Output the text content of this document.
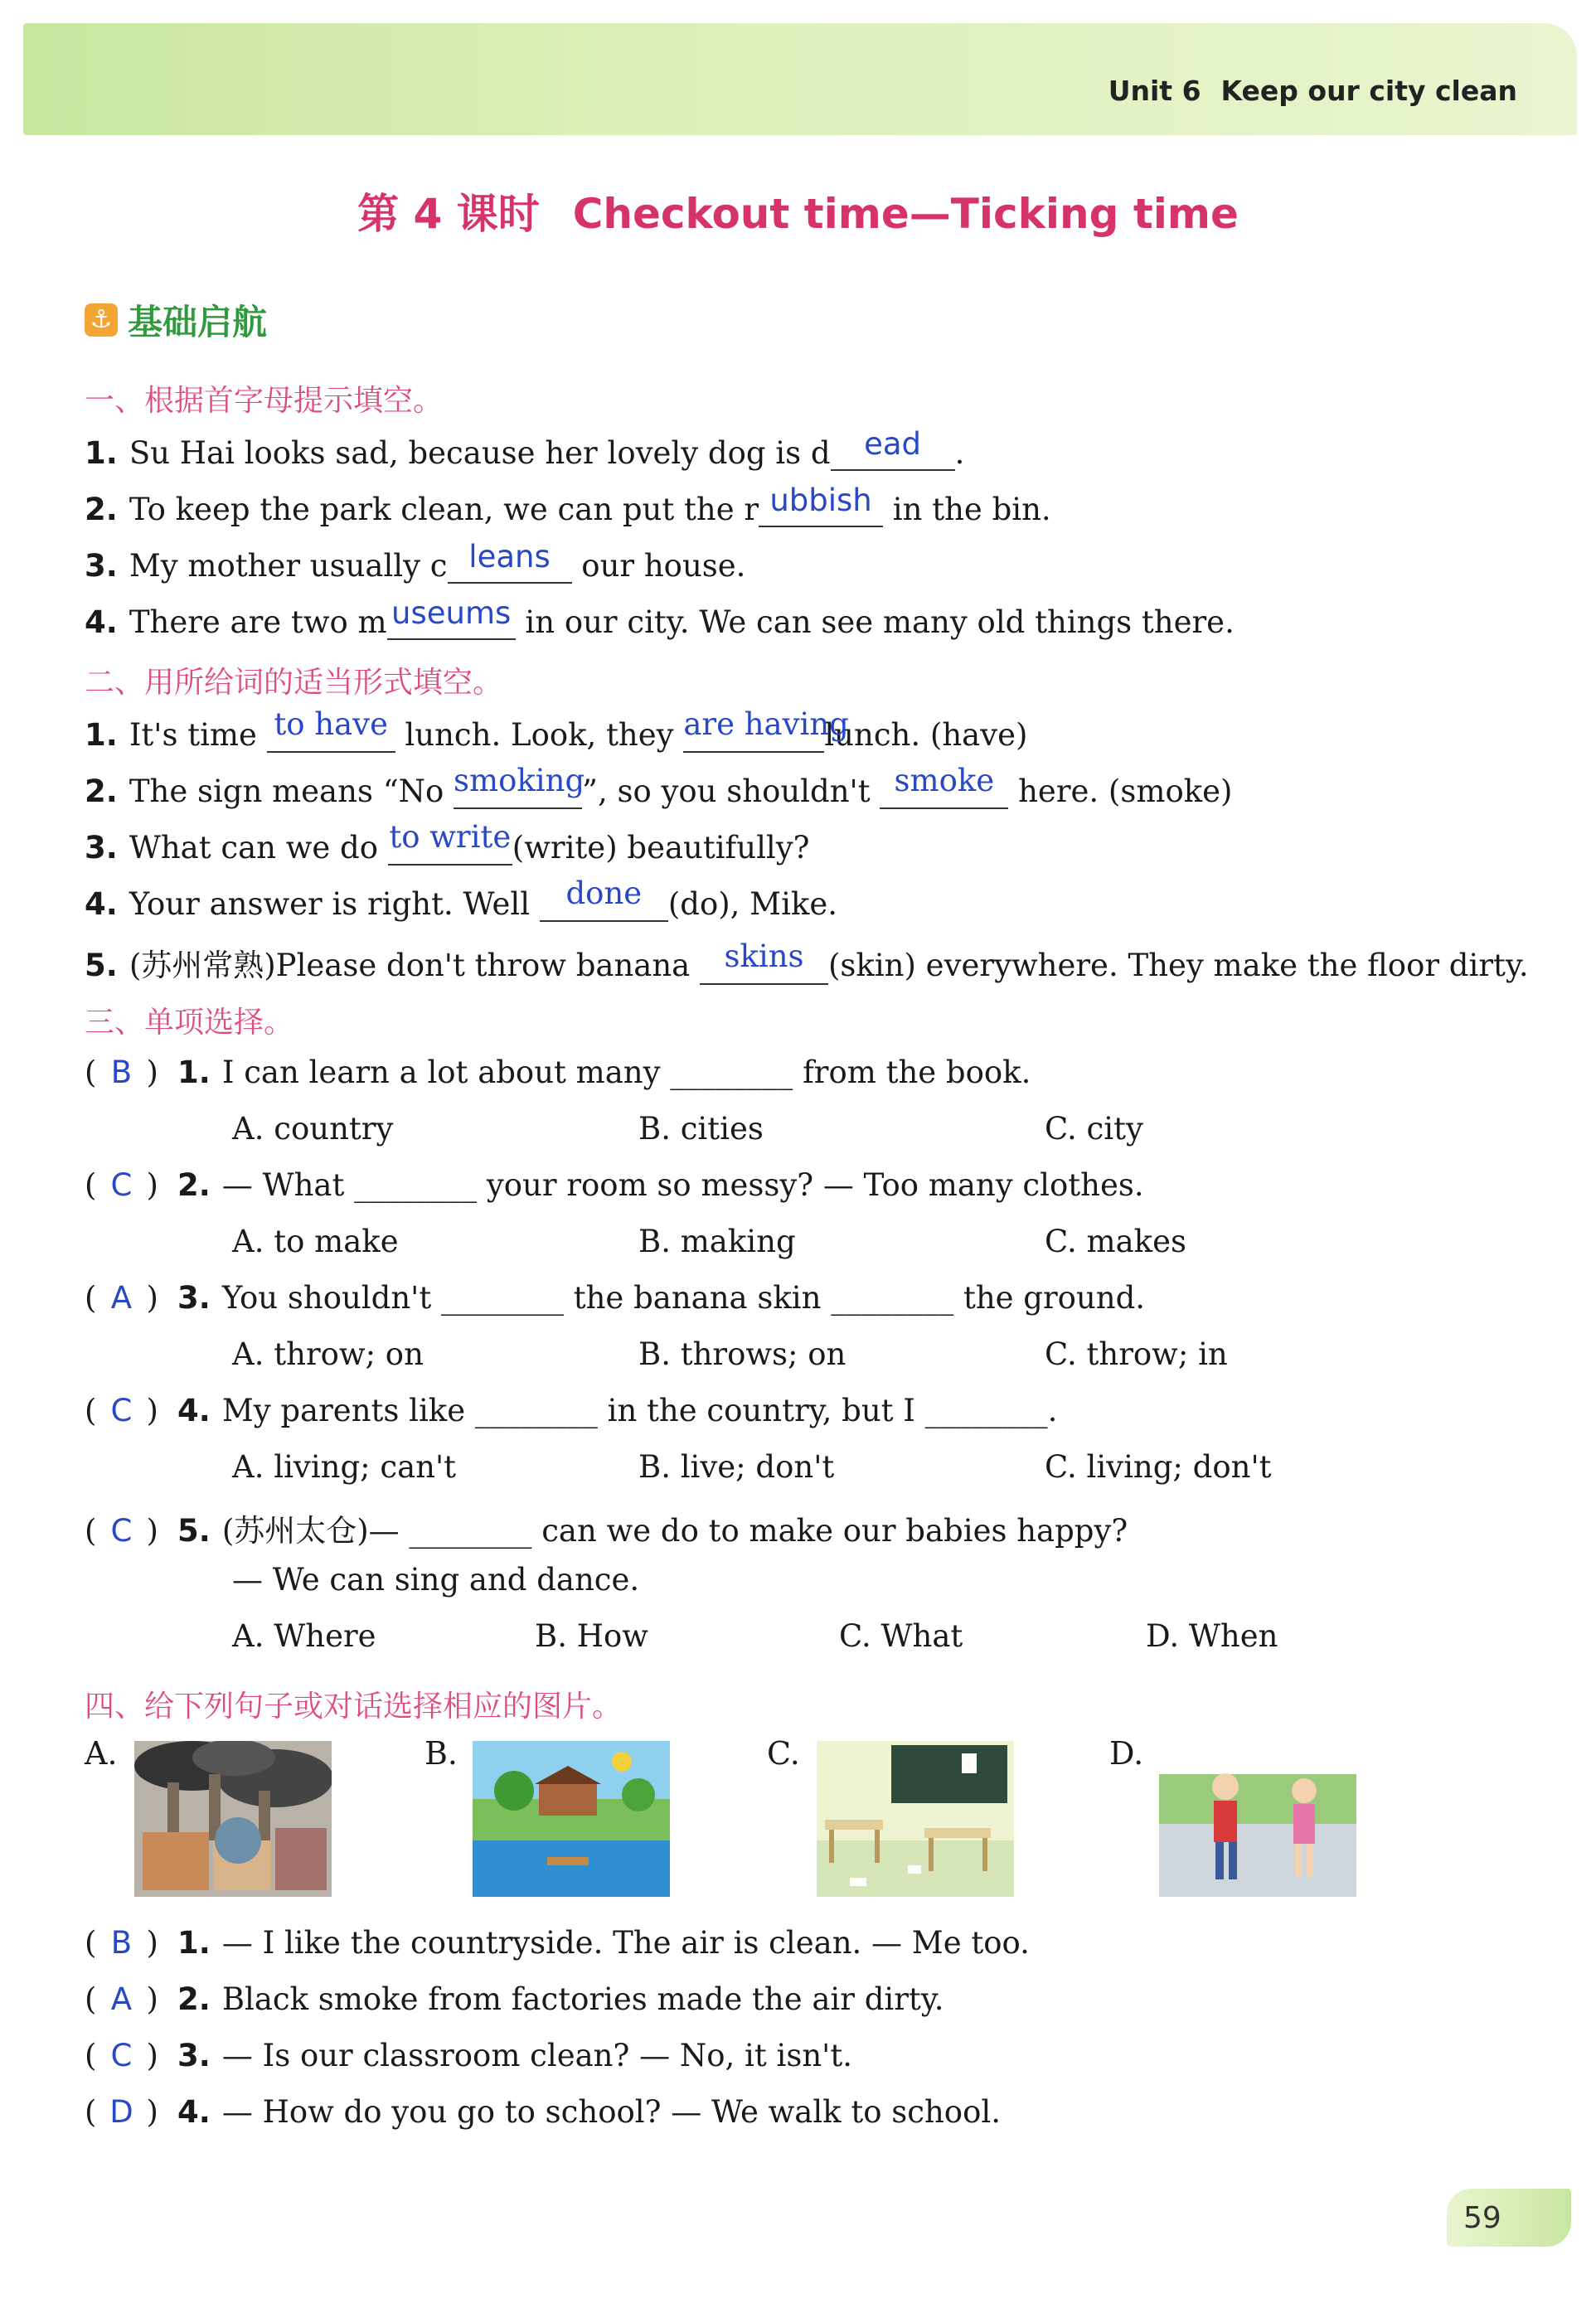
Unit 6 Keep our city clean
第 4 课时 Checkout time—Ticking time
⚓ 基础启航
一、根据首字母提示填空。
1. Su Hai looks sad, because her lovely dog is d ead .
2. To keep the park clean, we can put the r ubbish in the bin.
3. My mother usually c leans our house.
4. There are two m useums in our city. We can see many old things there.
二、用所给词的适当形式填空。
1. It's time to have lunch. Look, they are havinglunch. (have)
2. The sign means “No smoking”, so you shouldn't smoke here. (smoke)
3. What can we do to write(write) beautifully?
4. Your answer is right. Well done (do), Mike.
5. (苏州常熟)Please don't throw banana skins (skin) everywhere. They make the floor dirty.
三、单项选择。
( B ) 1. I can learn a lot about many ________ from the book.
A. country	B. cities	C. city
( C ) 2. — What ________ your room so messy? — Too many clothes.
A. to make	B. making	C. makes
( A ) 3. You shouldn't ________ the banana skin ________ the ground.
A. throw; on	B. throws; on	C. throw; in
( C ) 4. My parents like ________ in the country, but I ________.
A. living; can't	B. live; don't	C. living; don't
( C ) 5. (苏州太仓)— ________ can we do to make our babies happy?
— We can sing and dance.
A. Where	B. How	C. What	D. When
四、给下列句子或对话选择相应的图片。
A.	B.	C.	D.
( B ) 1. — I like the countryside. The air is clean. — Me too.
( A ) 2. Black smoke from factories made the air dirty.
( C ) 3. — Is our classroom clean? — No, it isn't.
( D ) 4. — How do you go to school? — We walk to school.
59
